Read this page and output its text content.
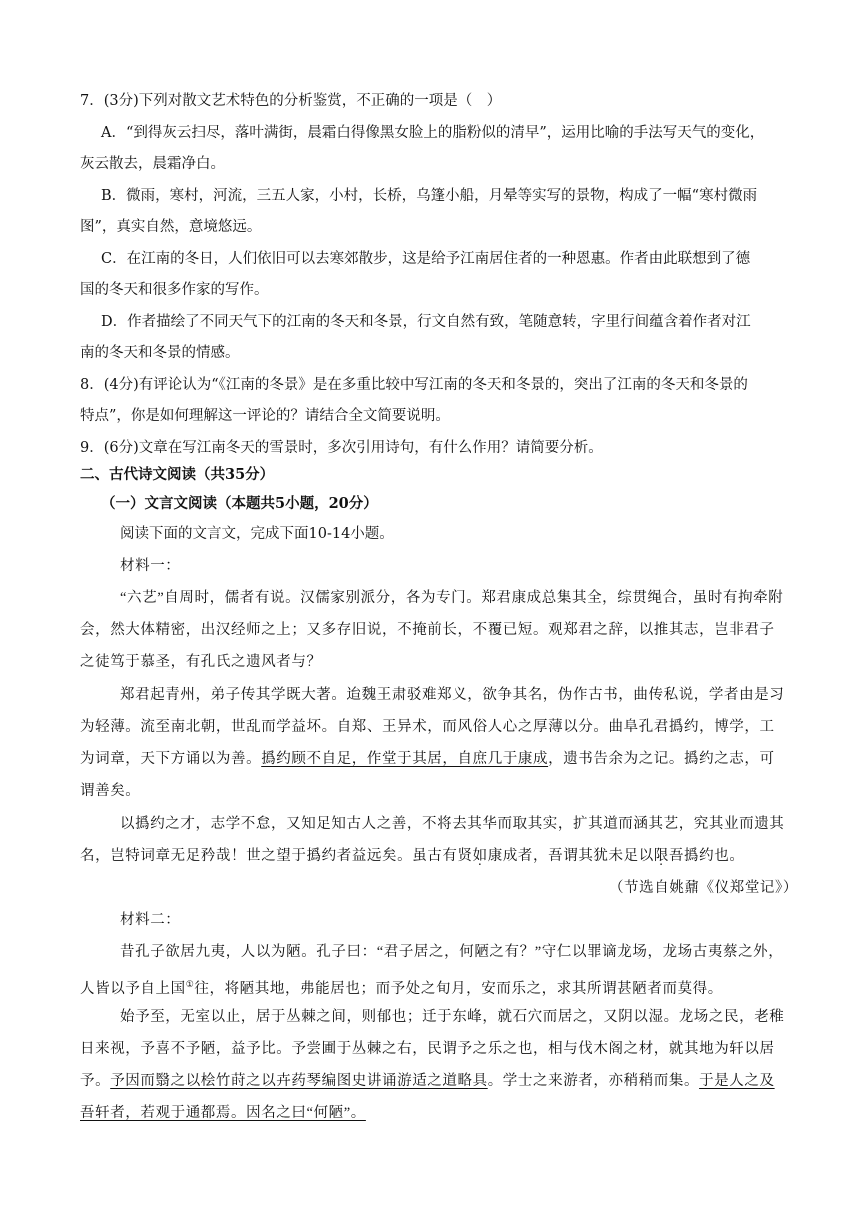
7．(3分)下列对散文艺术特色的分析鉴赏，不正确的一项是（　）
A．“到得灰云扫尽，落叶满街，晨霜白得像黑女脸上的脂粉似的清早”，运用比喻的手法写天气的变化，
灰云散去，晨霜净白。
B．微雨，寒村，河流，三五人家，小村，长桥，乌篷小船，月晕等实写的景物，构成了一幅“寒村微雨
图”，真实自然，意境悠远。
C．在江南的冬日，人们依旧可以去寒郊散步，这是给予江南居住者的一种恩惠。作者由此联想到了德
国的冬天和很多作家的写作。
D．作者描绘了不同天气下的江南的冬天和冬景，行文自然有致，笔随意转，字里行间蕴含着作者对江
南的冬天和冬景的情感。
8．(4分)有评论认为“《江南的冬景》是在多重比较中写江南的冬天和冬景的，突出了江南的冬天和冬景的
特点”，你是如何理解这一评论的？请结合全文简要说明。
9．(6分)文章在写江南冬天的雪景时，多次引用诗句，有什么作用？请简要分析。
二、古代诗文阅读（共35分）
（一）文言文阅读（本题共5小题，20分）
阅读下面的文言文，完成下面10-14小题。
材料一：
“六艺”自周时，儒者有说。汉儒家别派分，各为专门。郑君康成总集其全，综贯绳合，虽时有拘牵附
会，然大体精密，出汉经师之上；又多存旧说，不掩前长，不覆已短。观郑君之辞，以推其志，岂非君子
之徒笃于慕圣，有孔氏之遗风者与？
郑君起青州，弟子传其学既大著。迨魏王肃驳难郑义，欲争其名，伪作古书，曲传私说，学者由是习
为轻薄。流至南北朝，世乱而学益坏。自郑、王异术，而风俗人心之厚薄以分。曲阜孔君撝约，博学，工
为词章，天下方诵以为善。撝约顾不自足，作堂于其居，自庶几于康成，遗书告余为之记。撝约之志，可
谓善矣。
以撝约之才，志学不怠，又知足知古人之善，不将去其华而取其实，扩其道而涵其艺，究其业而遗其
名，岂特词章无足矜哉！世之望于撝约者益远矣。虽古有贤如康成者，吾谓其犹未足以限吾撝约也。
（节选自姚鼐《仪郑堂记》）
材料二：
昔孔子欲居九夷，人以为陋。孔子曰：“君子居之，何陋之有？”守仁以罪谪龙场，龙场古夷蔡之外，
人皆以予自上国①往，将陋其地，弗能居也；而予处之旬月，安而乐之，求其所谓甚陋者而莫得。
始予至，无室以止，居于丛棘之间，则郁也；迁于东峰，就石穴而居之，又阴以湿。龙场之民，老稚
日来视，予喜不予陋，益予比。予尝圃于丛棘之右，民谓予之乐之也，相与伐木阁之材，就其地为轩以居
予。予因而翳之以桧竹莳之以卉药琴编图史讲诵游适之道略具。学士之来游者，亦稍稍而集。于是人之及
吾轩者，若观于通都焉。因名之曰“何陋”。
